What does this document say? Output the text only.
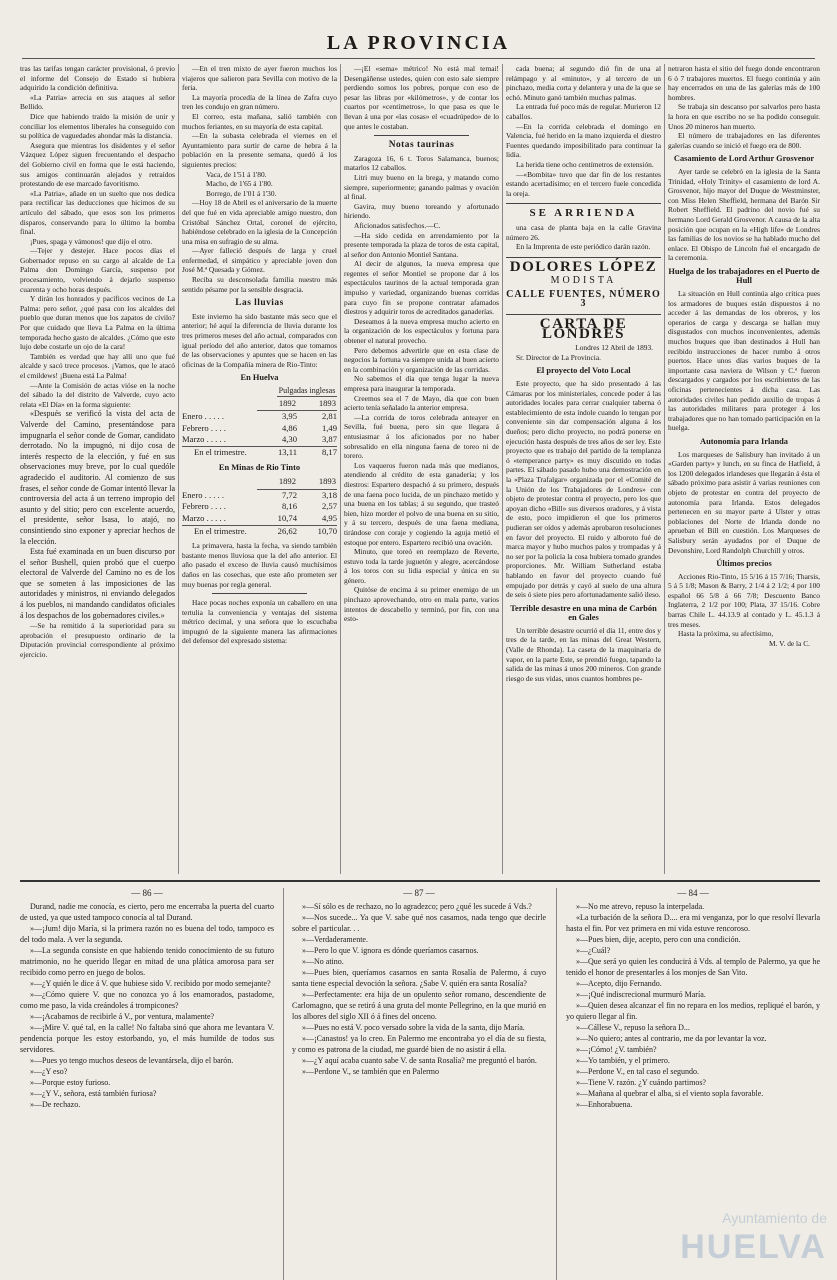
LA PROVINCIA

tras las tarifas tengan carácter provisional, ó previo el informe del Consejo de Estado si hubiera adquirido la condición definitiva.

«La Patria» arrecia en sus ataques al señor Bellido.

Dice que habiendo traído la misión de unir y conciliar los elementos liberales ha conseguido con su política de vaguedades ahondar más la distancia.

Asegura que mientras los disidentes y el señor Vázquez López siguen frecuentando el despacho del Gobierno civil en forma que le está haciendo, sus amigos continuarán alejados y retraídos protestando de ese marcado favoritismo.

«La Patria», añade en un suelto que nos dedica para rectificar las deducciones que hicimos de su artículo del sábado, que esos son los primeros disparos, conservando para lo último la bomba final.

¡Pues, spaga y vámonos! que dijo el otro.

—Tejer y destejer. Hace pocos días el Gobernador repuso en su cargo al alcalde de La Palma don Domingo García, suspenso por procesamiento, volviendo á dejarlo suspenso cuarenta y ocho horas después.

Y dirán los honrados y pacíficos vecinos de La Palma: pero señor, ¿qué pasa con los alcaldes del pueblo que duran menos que los zapatos de cívilo? Por que cuidado que lleva La Palma en la última temporada hecho gasto de alcaldes. ¿Cómo que este lujo debe costarle un ojo de la cara!

También es verdad que hay allí uno que fué alcalde y sacó trece procesos. ¡Vamos, que le atacó el cmildews! ¡Buena está La Palma!

—Ante la Comisión de actas vióse en la noche del sábado la del distrito de Valverde, cuyo acto relata «El Día» en la forma siguiente:

«Después se verificó la vista del acta de Valverde del Camino, presentándose para impugnarla el señor conde de Gomar, candidato derrotado. No la impugnó, ni dijo cosa de interés respecto de la elección, y fué en sus observaciones muy breve, por lo cual quedóle agradecido el auditorio. Al comienzo de sus frases, el señor conde de Gomar intentó llevar la controversia del acta á un terreno impropio del asunto y del sitio; pero con excelente acuerdo, el presidente, señor Isasa, lo atajó, no consintiendo sino exponer y apreciar hechos de la elección.

Esta fué examinada en un buen discurso por el señor Bushell, quien probó que el cuerpo electoral de Valverde del Camino no es de los que se someten á las imposiciones de las autoridades y ministros, ni enviando delegados á los pueblos, ni mandando candidatos oficiales á los despachos de los gobernadores civiles.»

—Se ha remitido á la superioridad para su aprobación el presupuesto ordinario de la Diputación provincial correspondiente al próximo ejercicio.

—En el tren mixto de ayer fueron muchos los viajeros que salieron para Sevilla con motivo de la feria.

La mayoría procedía de la línea de Zafra cuyo tren les condujo en gran número.

El correo, esta mañana, salió también con muchos feriantes, en su mayoría de esta capital.

—En la subasta celebrada el viernes en el Ayuntamiento para surtir de carne de hebra á la población en la presente semana, quedó á los siguientes precios:

Vaca, de 1'51 á 1'80.

Macho, de 1'65 á 1'80.

Borrego, de 1'01 á 1'30.

—Hoy 18 de Abril es el aniversario de la muerte del que fué en vida apreciable amigo nuestro, don Cristóbal Sánchez Ortal, coronel de ejército, habiéndose celebrado en la iglesia de la Concepción una misa en sufragio de su alma.

—Ayer falleció después de larga y cruel enfermedad, el simpático y apreciable joven don José M.ª Quesada y Gómez.

Reciba su desconsolada familia nuestro más sentido pésame por la sensible desgracia.

Las lluvias

Este invierno ha sido bastante más seco que el anterior; hé aquí la diferencia de lluvia durante los tres primeros meses del año actual, comparados con igual período del año anterior, datos que tomamos de las observaciones y apuntes que se hacen en las oficinas de la Compañía minera de Rio-Tinto:

En Huelva
Pulgadas inglesas
	1892	1893
Enero . . . . .	3,95	2,81
Febrero . . . .	4,86	1,49
Marzo . . . . .	4,30	3,87
En el trimestre.	13,11	8,17
En Minas de Rio Tinto
	1892	1893
Enero . . . . .	7,72	3,18
Febrero . . . .	8,16	2,57
Marzo . . . . .	10,74	4,95
En el trimestre.	26,62	10,70

La primavera, hasta la fecha, va siendo también bastante menos lluviosa que la del año anterior. El año pasado el exceso de lluvia causó muchísimos daños en las cosechas, que este año prometen ser muy buenas por regla general.

Hace pocas noches exponía un caballero en una tertulia la conveniencia y ventajas del sistema métrico decimal, y una señora que lo escuchaba impugnó de la siguiente manera las afirmaciones del defensor del expresado sistema:

—¡El «sema» métrico! No está mal temai! Desengáñense ustedes, quien con esto sale siempre perdiendo somos los pobres, porque con eso de pesar las libras por «kilómetros», y de contar los cuartos por «centímetros», lo que pasa es que le llevan á una por «las cosas» el «cuadrúpedo» de lo que antes le costaban.

Notas taurinas

Zaragoza 16, 6 t. Toros Salamanca, buenos; matarlos 12 caballos.

Litri muy bueno en la brega, y matando como siempre, superiormente; ganando palmas y ovación al final.

Gavira, muy bueno toreando y afortunado hiriendo.

Aficionados satisfechos.—C.

—Ha sido cedida en arrendamiento por la presente temporada la plaza de toros de esta capital, al señor don Antonio Montiel Santana.

Al decir de algunos, la nueva empresa que regentes el señor Montiel se propone dar á los espectáculos taurinos de la actual temporada gran impulso y variedad, organizando buenas corridas para cuyo fin se propone contratar afamados diestros y adquirir toros de acreditados ganaderías.

Deseamos á la nueva empresa mucho acierto en la organización de los espectáculos y fortuna para obtener el natural provecho.

Pero debemos advertirle que en esta clase de negocios la fortuna va siempre unida al buen acierto en la combinación y organización de las corridas.

No sabemos el día que tenga lugar la nueva empresa para inaugurar la temporada.

Creemos sea el 7 de Mayo, día que con buen acierto tenía señalado la anterior empresa.

—La corrida de toros celebrada anteayer en Sevilla, fué buena, pero sin que llegara á entusiasmar á los aficionados por no haber sobresalido en ella ninguna faena de toreo ni de torero.

Los vaqueros fueron nada más que medianos, atendiendo al crédito de esta ganadería; y los diestros: Espartero despachó á su primero, después de una faena poco lucida, de un pinchazo metido y una buena en los tablas; á su segundo, que trasteó bien, hizo morder el polvo de una buena en su sitio, y á su tercero, después de una faena mediana, tirándose con coraje y cogiendo la aguja metió el estoque por entero. Espartero recibió una ovación.

Minuto, que toreó en reemplazo de Reverte, estuvo toda la tarde juguetón y alegre, acercándose á los toros con su lidia especial y única en su género.

Quitóse de encima á su primer enemigo de un pinchazo aprovechando, otro en mala parte, varios intentos de descabello y terminó, por fin, con una esto-

netraron hasta el sitio del fuego donde encontraron 6 ó 7 trabajores muertos. El fuego continúa y aún hay encerrados en una de las galerías más de 100 hombres.

Se trabaja sin descanso por salvarlos pero hasta la hora en que escribo no se ha podido conseguir. Unos 20 mineros han muerto.

El número de trabajadores en las diferentes galerías cuando se inició el fuego era de 800.

Casamiento de Lord Arthur Grosvenor

Ayer tarde se celebró en la iglesia de la Santa Trinidad, «Holy Trinity» el casamiento de lord A. Grosvenor, hijo mayor del Duque de Westminster, con Miss Helen Sheffield, hermana del Barón Sir Robert Sheffield. El padrino del novio fué su hermano Lord Gerald Grosvenor. A causa de la alta posición que ocupan en la «High life» de Londres las familias de los novios se ha hablado mucho del enlace. El Obispo de Lincoln fué el encargado de la ceremonia.

Huelga de los trabajadores en el Puerto de Hull

La situación en Hull continúa algo crítica pues los armadores de buques están dispuestos á no acceder á las demandas de los obreros, y los operarios de carga y descarga se hallan muy disgustados con muchos inconvenientes, además muchos buques que iban destinados á Hull han recibido instrucciones de hacer rumbo á otros puertos. Hace unos días varios buques de la importante casa naviera de Wilson y C.ª fueron descargados y cargados por los escribientes de las oficinas pertenecientes á dicha casa. Las autoridades civiles han pedido auxilio de tropas á las autoridades militares para proteger á los trabajadores que no han tomado participación en la huelga.

Autonomía para Irlanda

Los marqueses de Salisbury han invitado á un «Garden party» y lunch, en su finca de Hatfield, á los 1200 delegados irlandeses que llegarán á ésta el sábado próximo para asistir á varias reuniones con objeto de protestar en contra del proyecto de autonomía para Irlanda. Estos delegados pertenecen en su mayor parte á Ulster y otras poblaciones del Norte de Irlanda donde no aprueban el Bill en cuestión. Los Marqueses de Salisbury serán ayudados por el Duque de Devonshire, Lord Randolph Churchill y otros.

Últimos precios

Acciones Rio-Tinto, 15 5/16 á 15 7/16; Tharsis, 5 á 5 1/8; Mason & Barry, 2 1/4 á 2 1/2; 4 por 100 español 66 5/8 á 66 7/8; Descuento Banco Inglaterra, 2 1/2 por 100; Plata, 37 15/16. Cobre barras Chile L. 44.13.9 al contado y L. 45.1.3 á tres meses.

Hasta la próxima, su afectísimo,

M. V. de la C.

— 86 —

Durand, nadie me conocía, es cierto, pero me encerraba la puerta del cuarto de usted, ya que usted tampoco conocía al tal Durand.

»—¡Jum! dijo María, si la primera razón no es buena del todo, tampoco es del todo mala. A ver la segunda.

»—La segunda consiste en que habiendo tenido conocimiento de su futuro matrimonio, no he querido llegar en mitad de una plática amorosa para ser recibido como perro en juego de bolos.

»—¿Y quién le dice á V. que hubiese sido V. recibido por modo semejante?

»—¿Cómo quiere V. que no conozca yo á los enamorados, pastadome, como me paso, la vida creándoles á trompicones?

»—¡Acabamos de recibirle á V., por ventura, malamente?

»—¡Mire V. qué tal, en la calle! No faltaba sinó que ahora me levantara V. pendencia porque les estoy estorbando, yo, el más humilde de todos sus servidores.

»—Pues yo tengo muchos deseos de levantársela, dijo el barón.

»—¿Y eso?

»—Porque estoy furioso.

»—¿Y V., señora, está también furiosa?

»—De rechazo.

— 87 —

»—Sí sólo es de rechazo, no lo agradezco; pero ¿qué les sucede á Vds.?

»—Nos sucede... Ya que V. sabe qué nos casamos, nada tengo que decirle sobre el particular. . .

»—Verdaderamente.

»—Pero lo que V. ignora es dónde queríamos casarnos.

»—No atino.

»—Pues bien, queríamos casarnos en santa Rosalía de Palermo, á cuyo santa tiene especial devoción la señora. ¿Sabe V. quién era santa Rosalía?

»—Perfectamente: era hija de un opulento señor romano, descendiente de Carlomagno, que se retiró á una gruta del monte Pellegrino, en la que murió en los albores del siglo XII ó á fines del onceno.

»—Pues no está V. poco versado sobre la vida de la santa, dijo María.

»—¡Canastos! ya lo creo. En Palermo me encontraba yo el día de su fiesta, y como es patrona de la ciudad, me guardé bien de no asistir á ella.

»—¿Y aquí acaba cuanto sabe V. de santa Rosalía? me preguntó el barón.

»—Perdone V., se también que en Palermo

— 84 —

»—No me atrevo, repuso la interpelada.

«La turbación de la señora D.... era mi venganza, por lo que resolví llevarla hasta el fin. Por vez primera en mi vida estuve rencoroso.

»—Pues bien, dije, acepto, pero con una condición.

»—¿Cuál?

»—Que será yo quien les conducirá á Vds. al templo de Palermo, ya que he tenido el honor de presentarles á los monjes de San Vito.

»—Acepto, dijo Fernando.

»—¡Qué indiscrecional murmuró María.

»—Quien desea alcanzar el fin no repara en los medios, repliqué el barón, y yo quiero llegar al fin.

»—Cállese V., repuso la señora D...

»—No quiero; antes al contrario, me da por levantar la voz.

»—¡Cómo! ¿V. también?

»—Yo también, y el primero.

»—Perdone V., en tal caso el segundo.

»—Tiene V. razón. ¿Y cuándo partimos?

»—Mañana al quebrar el alba, si el viento sopla favorable.

»—Enhorabuena.

Ayuntamiento de
HUELVA

cada buena; al segundo dió fin de una al relámpago y al «minuto», y al tercero de un pinchazo, media corta y delantera y una de la que se echó. Minuto ganó también muchas palmas.

La entrada fué poco más de regular. Murieron 12 caballos.

—En la corrida celebrada el domingo en Valencia, fué herido en la mano izquierda el diestro Fuentes quedando imposibilitado para continuar la lidia.

La herida tiene ocho centímetros de extensión.

—«Bombita» tuvo que dar fin de los restantes estando acertadísimo; en el tercero fuele concedida la oreja.

SE ARRIENDA

una casa de planta baja en la calle Gravina número 26.

En la Imprenta de este periódico darán razón.

DOLORES LÓPEZ
MODISTA
CALLE FUENTES, NÚMERO 3
CARTA DE LONDRES

Londres 12 Abril de 1893.

Sr. Director de La Provincia.

El proyecto del Voto Local

Este proyecto, que ha sido presentado á las Cámaras por los ministeriales, concede poder á las autoridades locales para cerrar cualquier taberna ó establecimiento de esta índole cuando lo tengan por conveniente sin dar compensación alguna á los dueños; pero dicho proyecto, no podrá ponerse en ejecución hasta después de tres años de ser ley. Este proyecto que es trabajo del partido de la templanza ó «temperance party» es muy discutido en todas partes. El sábado pasado hubo una demostración en la «Plaza Trafalgar» organizada por el «Comité de la Unión de los Trabajadores de Londres» con objeto de protestar contra el proyecto, pero los que apoyan dicho «Bill» sus diversos oradores, y á vista de esto, poco impidieron el que los primeros pudieran ser oídos y además aprobaron resoluciones en favor del proyecto. El ruido y alboroto fué de marca mayor y hubo muchos palos y trompadas y á no ser por la policía la cosa hubiera tomado grandes proporciones. Mr. William Sutherland estaba hablando en favor del proyecto cuando fué empujado por detrás y cayó al suelo de una altura de seis ó siete pies pero afortunadamente salió ileso.

Terrible desastre en una mina de Carbón en Gales

Un terrible desastre ocurrió el día 11, entre dos y tres de la tarde, en las minas del Great Western, (Valle de Rhonda). La caseta de la maquinaria de vapor, en la parte Este, se prendió fuego, tapando la salida de las minas á unos 200 mineros. Con grande riesgo de sus vidas, unos cuantos hombres pe-
